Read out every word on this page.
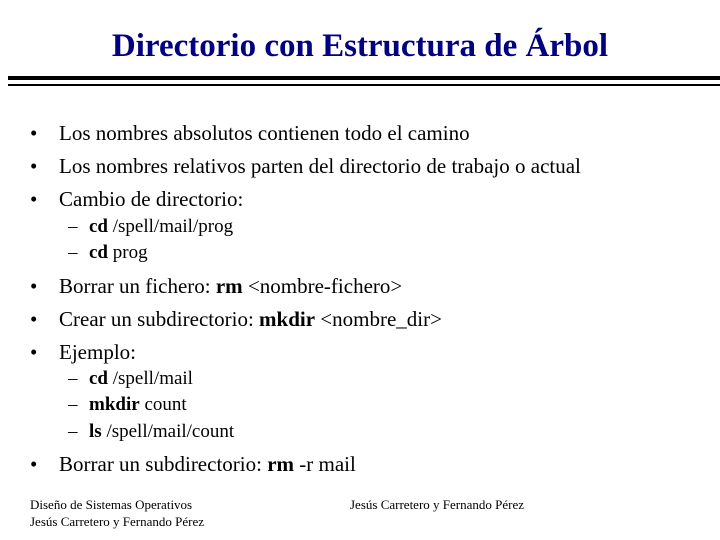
Directorio con Estructura de Árbol
• Los nombres absolutos contienen todo el camino
• Los nombres relativos parten del directorio de trabajo o actual
• Cambio de directorio:
– cd /spell/mail/prog
– cd prog
• Borrar un fichero: rm <nombre-fichero>
• Crear un subdirectorio: mkdir <nombre_dir>
• Ejemplo:
– cd /spell/mail
– mkdir count
– ls /spell/mail/count
• Borrar un subdirectorio: rm -r mail
Diseño de Sistemas Operativos
Jesús Carretero y Fernando Pérez
Jesús Carretero y Fernando Pérez
